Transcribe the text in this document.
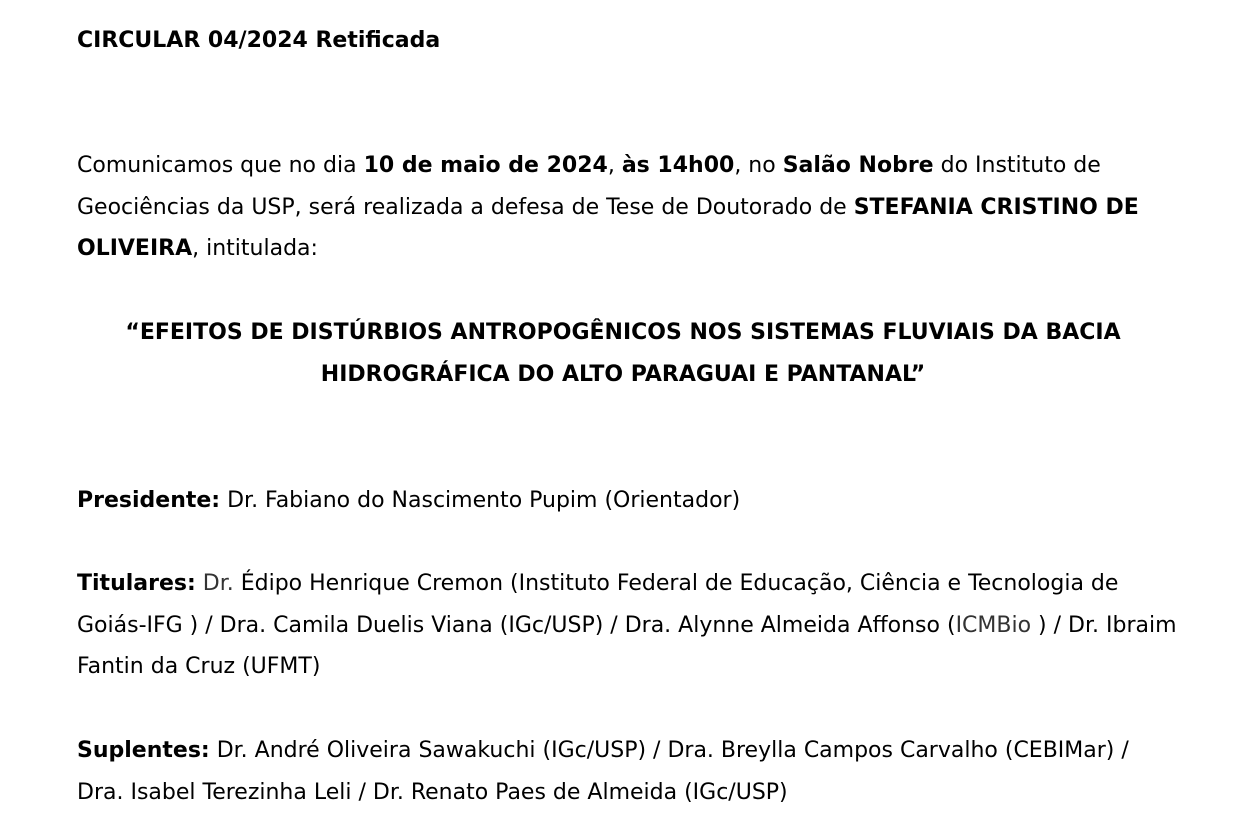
CIRCULAR 04/2024 Retificada
Comunicamos que no dia 10 de maio de 2024, às 14h00, no Salão Nobre do Instituto de Geociências da USP, será realizada a defesa de Tese de Doutorado de STEFANIA CRISTINO DE OLIVEIRA, intitulada:
“EFEITOS DE DISTÚRBIOS ANTROPOGÊNICOS NOS SISTEMAS FLUVIAIS DA BACIA HIDROGRÁFICA DO ALTO PARAGUAI E PANTANAL”
Presidente: Dr. Fabiano do Nascimento Pupim (Orientador)
Titulares: Dr. Édipo Henrique Cremon (Instituto Federal de Educação, Ciência e Tecnologia de Goiás-IFG ) / Dra. Camila Duelis Viana (IGc/USP) / Dra. Alynne Almeida Affonso (ICMBio ) / Dr. Ibraim Fantin da Cruz (UFMT)
Suplentes: Dr. André Oliveira Sawakuchi (IGc/USP) / Dra. Breylla Campos Carvalho (CEBIMar) / Dra. Isabel Terezinha Leli / Dr. Renato Paes de Almeida (IGc/USP)
